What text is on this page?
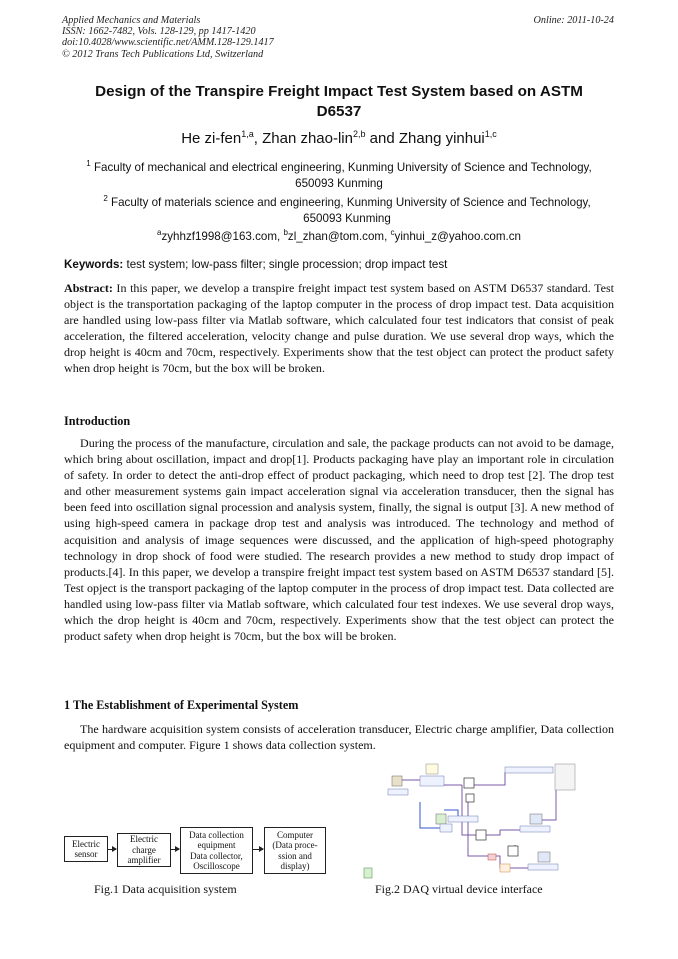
Applied Mechanics and Materials
ISSN: 1662-7482, Vols. 128-129, pp 1417-1420
doi:10.4028/www.scientific.net/AMM.128-129.1417
© 2012 Trans Tech Publications Ltd, Switzerland
Online: 2011-10-24
Design of the Transpire Freight Impact Test System based on ASTM
D6537
He zi-fen$^{1,a}$, Zhan zhao-lin$^{2,b}$ and Zhang yinhui$^{1,c}$
$^1$ Faculty of mechanical and electrical engineering, Kunming University of Science and Technology,
650093 Kunming
$^2$ Faculty of materials science and engineering, Kunming University of Science and Technology,
650093 Kunming
$^a$zyhhzf1998@163.com, $^b$zl_zhan@tom.com, $^c$yinhui_z@yahoo.com.cn
Keywords: test system; low-pass filter; single procession; drop impact test
Abstract: In this paper, we develop a transpire freight impact test system based on ASTM D6537 standard. Test object is the transportation packaging of the laptop computer in the process of drop impact test. Data acquisition are handled using low-pass filter via Matlab software, which calculated four test indicators that consist of peak acceleration, the filtered acceleration, velocity change and pulse duration. We use several drop ways, which the drop height is 40cm and 70cm, respectively. Experiments show that the test object can protect the product safety when drop height is 70cm, but the box will be broken.
Introduction
During the process of the manufacture, circulation and sale, the package products can not avoid to be damage, which bring about oscillation, impact and drop[1]. Products packaging have play an important role in circulation of safety. In order to detect the anti-drop effect of product packaging, which need to drop test [2]. The drop test and other measurement systems gain impact acceleration signal via acceleration transducer, then the signal has been feed into oscillation signal procession and analysis system, finally, the signal is output [3]. A new method of using high-speed camera in package drop test and analysis was introduced. The technology and method of acquisition and analysis of image sequences were discussed, and the application of high-speed photography technology in drop shock of food were studied. The research provides a new method to study drop impact of products.[4]. In this paper, we develop a transpire freight impact test system based on ASTM D6537 standard [5]. Test opject is the transport packaging of the laptop computer in the process of drop impact test. Data collected are handled using low-pass filter via Matlab software, which calculated four test indexes. We use several drop ways, which the drop height is 40cm and 70cm, respectively. Experiments show that the test object can protect the product safety when drop height is 70cm, but the box will be broken.
1 The Establishment of Experimental System
The hardware acquisition system consists of acceleration transducer, Electric charge amplifier, Data collection equipment and computer. Figure 1 shows data collection system.
Electric
sensor
Electric
charge
amplifier
Data collection
equipment
Data collector,
Oscilloscope
Computer
(Data proce-
ssion and
display)
Fig.1 Data acquisition system	Fig.2 DAQ virtual device interface
